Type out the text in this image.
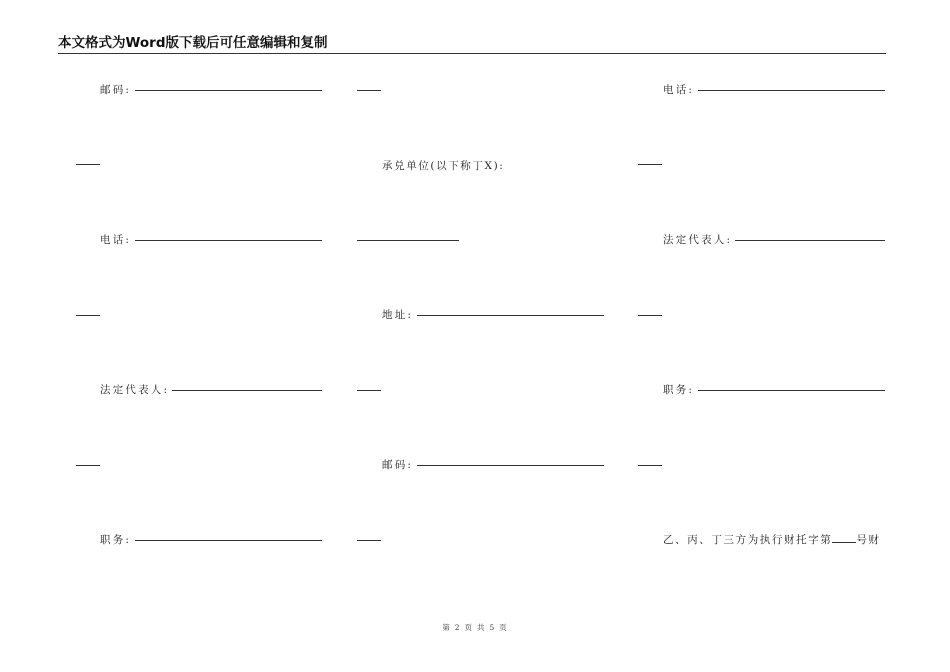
本文格式为Word版下载后可任意编辑和复制
邮码:	电话:
承兑单位(以下称丁X):
电话:	法定代表人:
地址:
法定代表人:	职务:
邮码:
职务:	乙、丙、丁三方为执行财托字第 号财
第 2 页 共 5 页
